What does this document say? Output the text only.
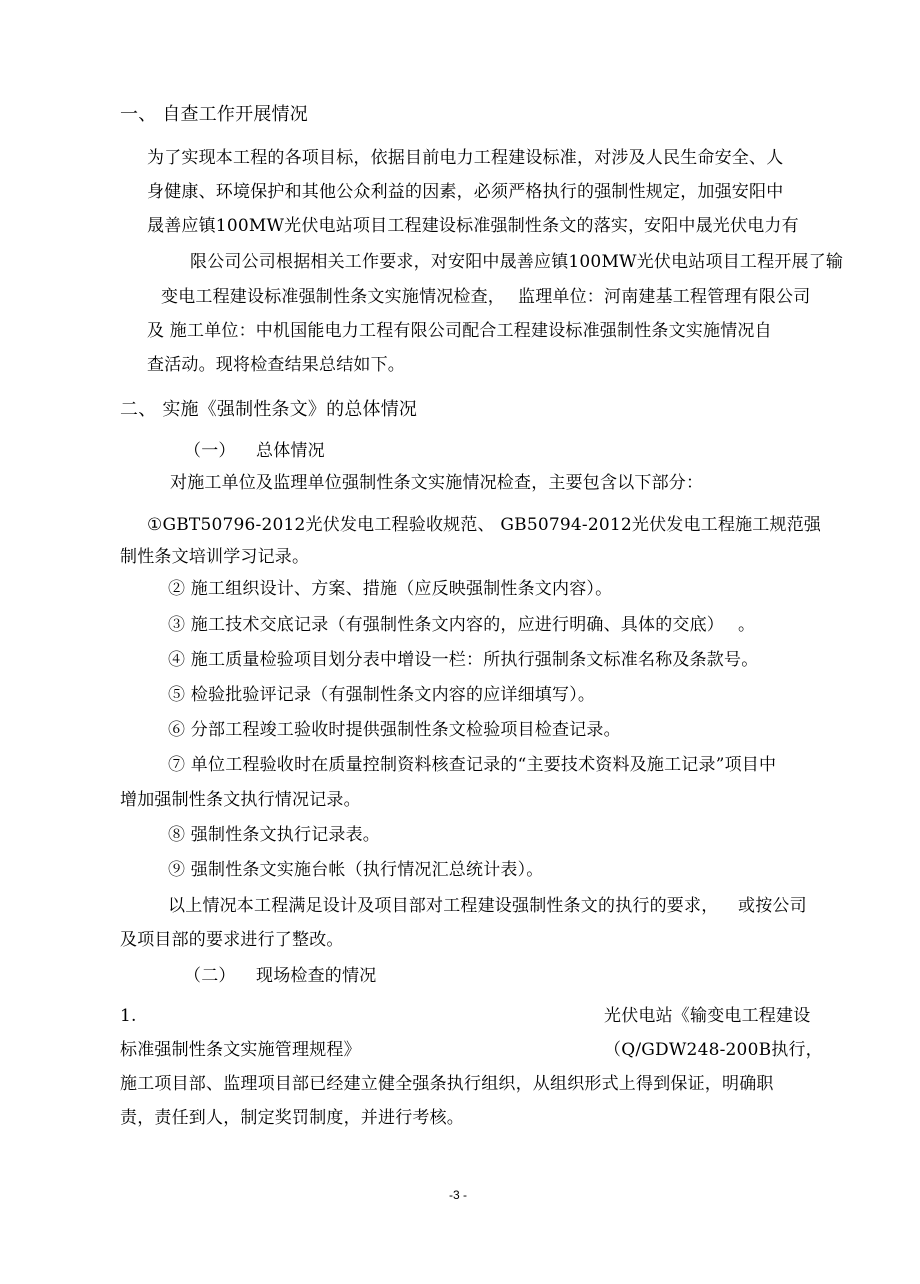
一、 自查工作开展情况
为了实现本工程的各项目标，依据目前电力工程建设标准，对涉及人民生命安全、人
身健康、环境保护和其他公众利益的因素，必须严格执行的强制性规定，加强安阳中
晟善应镇100MW光伏电站项目工程建设标准强制性条文的落实，
安阳中晟光伏电力有
限公司公司根据相关工作要求，对安阳中晟善应镇100MW光伏电站项目工程开展了输
变电工程建设标准强制性条文实施情况检查， 监理单位：河南建基工程管理有限公司
及 施工单位：中机国能电力工程有限公司配合工程建设标准强制性条文实施情况自
查活动。现将检查结果总结如下。
二、 实施《强制性条文》的总体情况
（一） 总体情况
对施工单位及监理单位强制性条文实施情况检查，主要包含以下部分：
①GBT50796-2012光伏发电工程验收规范、 GB50794-2012光伏发电工程施工规范强
制性条文培训学习记录。
② 施工组织设计、方案、措施（应反映强制性条文内容）。
③ 施工技术交底记录（有强制性条文内容的，应进行明确、具体的交底） 。
④ 施工质量检验项目划分表中增设一栏：所执行强制条文标准名称及条款号。
⑤ 检验批验评记录（有强制性条文内容的应详细填写）。
⑥ 分部工程竣工验收时提供强制性条文检验项目检查记录。
⑦ 单位工程验收时在质量控制资料核查记录的“主要技术资料及施工记录”项目中
增加强制性条文执行情况记录。
⑧ 强制性条文执行记录表。
⑨ 强制性条文实施台帐（执行情况汇总统计表）。
以上情况本工程满足设计及项目部对工程建设强制性条文的执行的要求， 或按公司
及项目部的要求进行了整改。
（二） 现场检查的情况
1.	光伏电站《输变电工程建设
标准强制性条文实施管理规程》	（Q/GDW248-200B执行，
施工项目部、监理项目部已经建立健全强条执行组织，从组织形式上得到保证，明确职
责，责任到人，制定奖罚制度，并进行考核。
-3 -
